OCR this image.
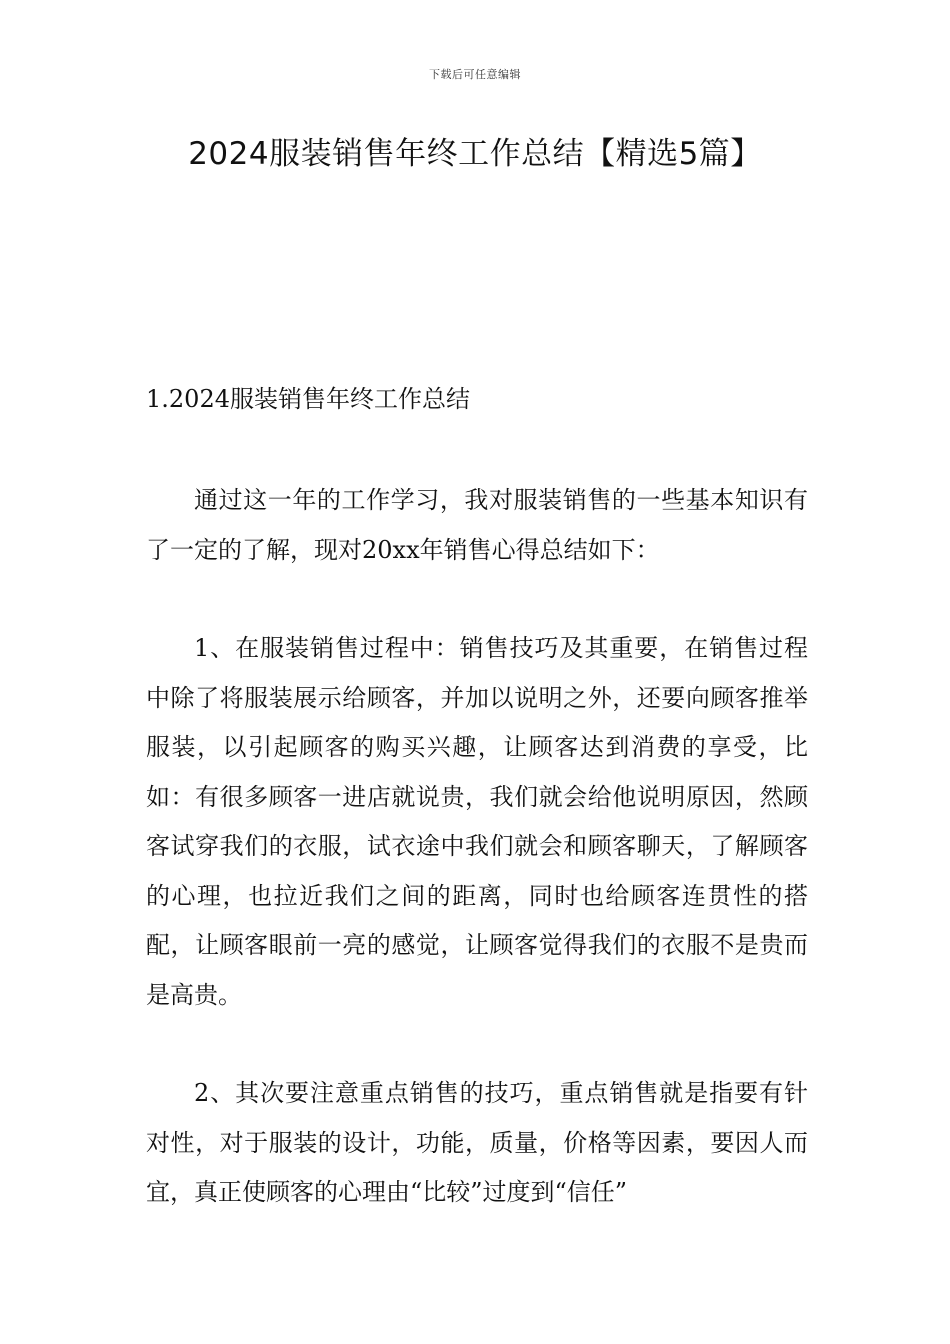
下载后可任意编辑
2024服装销售年终工作总结【精选5篇】

1.2024服装销售年终工作总结

通过这一年的工作学习，我对服装销售的一些基本知识有了一定的了解，现对20xx年销售心得总结如下：

1、在服装销售过程中：销售技巧及其重要，在销售过程中除了将服装展示给顾客，并加以说明之外，还要向顾客推举服装，以引起顾客的购买兴趣，让顾客达到消费的享受，比如：有很多顾客一进店就说贵，我们就会给他说明原因，然顾客试穿我们的衣服，试衣途中我们就会和顾客聊天，了解顾客的心理，也拉近我们之间的距离，同时也给顾客连贯性的搭配，让顾客眼前一亮的感觉，让顾客觉得我们的衣服不是贵而是高贵。

2、其次要注意重点销售的技巧，重点销售就是指要有针对性，对于服装的设计，功能，质量，价格等因素，要因人而宜，真正使顾客的心理由“比较”过度到“信任”
